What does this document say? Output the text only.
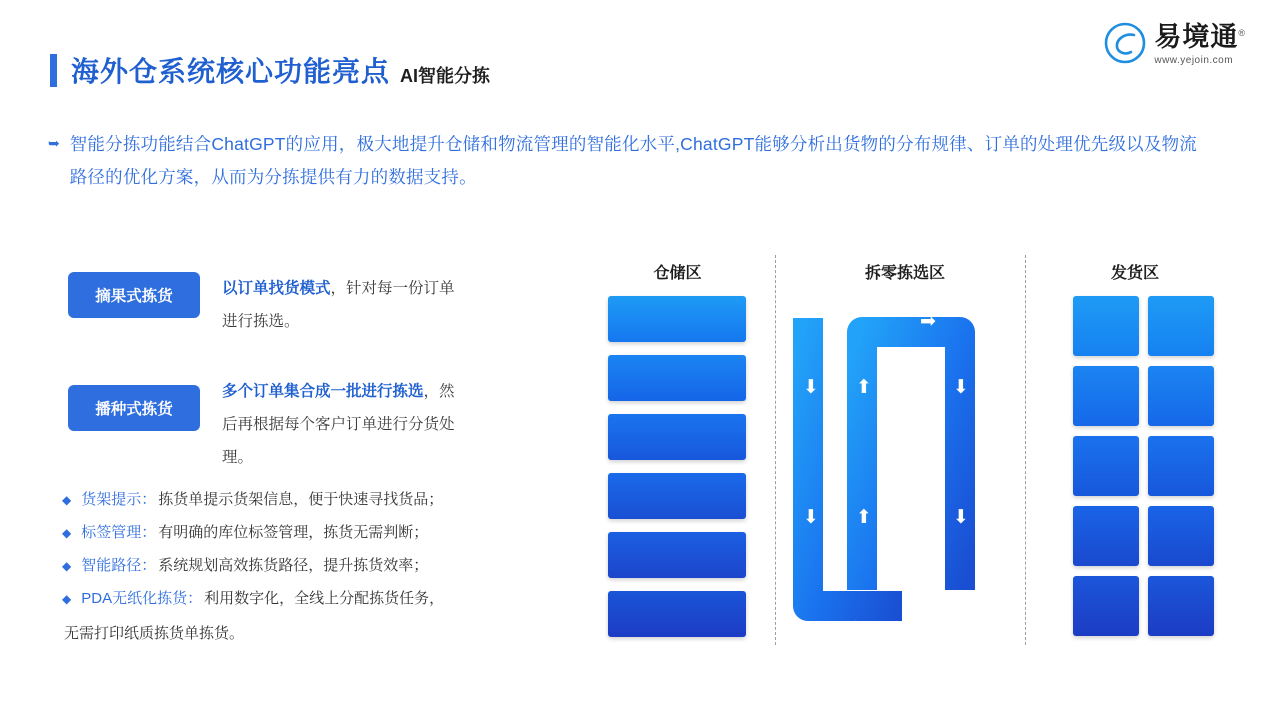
易境通®
www.yejoin.com
海外仓系统核心功能亮点 AI智能分拣
➥ 智能分拣功能结合ChatGPT的应用，极大地提升仓储和物流管理的智能化水平,ChatGPT能够分析出货物的分布规律、订单的处理优先级以及物流路径的优化方案，从而为分拣提供有力的数据支持。
摘果式拣货	以订单找货模式，针对每一份订单进行拣选。
播种式拣货
多个订单集合成一批进行拣选，然后再根据每个客户订单进行分货处理。
◆ 货架提示： 拣货单提示货架信息，便于快速寻找货品；
◆ 标签管理： 有明确的库位标签管理，拣货无需判断；
◆ 智能路径： 系统规划高效拣货路径，提升拣货效率；
◆ PDA无纸化拣货： 利用数字化，全线上分配拣货任务，
无需打印纸质拣货单拣货。
仓储区	拆零拣选区	发货区
➡
⬇ ⬆	⬇
⬇ ⬆	⬇
➡
